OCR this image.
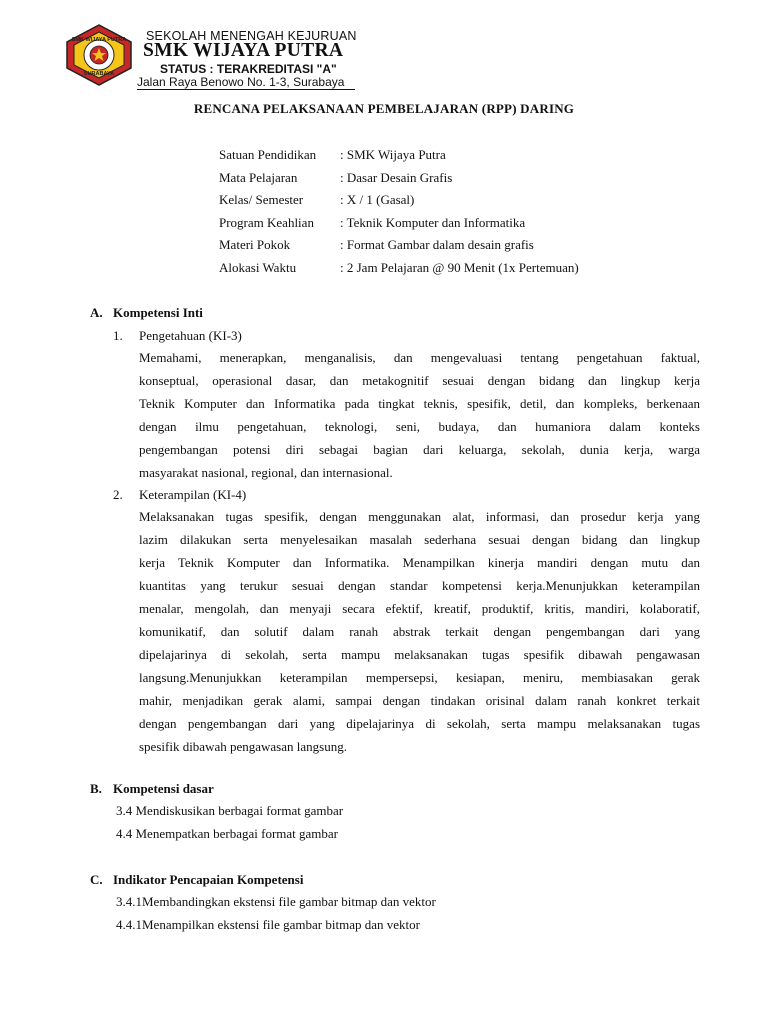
SMK WIJAYA PUTRA
SURABAYA
SEKOLAH MENENGAH KEJURUAN
SMK WIJAYA PUTRA
STATUS : TERAKREDITASI "A"
Jalan Raya Benowo No. 1-3, Surabaya
RENCANA PELAKSANAAN PEMBELAJARAN (RPP) DARING
Satuan Pendidikan : SMK Wijaya Putra
Mata Pelajaran	: Dasar Desain Grafis
Kelas/ Semester	: X / 1 (Gasal)
Program Keahlian : Teknik Komputer dan Informatika
Materi Pokok	: Format Gambar dalam desain grafis
Alokasi Waktu	: 2 Jam Pelajaran @ 90 Menit (1x Pertemuan)
A. Kompetensi Inti
1. Pengetahuan (KI-3)
Memahami, menerapkan, menganalisis, dan mengevaluasi tentang pengetahuan faktual,
konseptual, operasional dasar, dan metakognitif sesuai dengan bidang dan lingkup kerja
Teknik Komputer dan Informatika pada tingkat teknis, spesifik, detil, dan kompleks, berkenaan
dengan ilmu pengetahuan, teknologi, seni, budaya, dan humaniora dalam konteks
pengembangan potensi diri sebagai bagian dari keluarga, sekolah, dunia kerja, warga
masyarakat nasional, regional, dan internasional.
2. Keterampilan (KI-4)
Melaksanakan tugas spesifik, dengan menggunakan alat, informasi, dan prosedur kerja yang
lazim dilakukan serta menyelesaikan masalah sederhana sesuai dengan bidang dan lingkup
kerja Teknik Komputer dan Informatika. Menampilkan kinerja mandiri dengan mutu dan
kuantitas yang terukur sesuai dengan standar kompetensi kerja.Menunjukkan keterampilan
menalar, mengolah, dan menyaji secara efektif, kreatif, produktif, kritis, mandiri, kolaboratif,
komunikatif, dan solutif dalam ranah abstrak terkait dengan pengembangan dari yang
dipelajarinya di sekolah, serta mampu melaksanakan tugas spesifik dibawah pengawasan
langsung.Menunjukkan keterampilan mempersepsi, kesiapan, meniru, membiasakan gerak
mahir, menjadikan gerak alami, sampai dengan tindakan orisinal dalam ranah konkret terkait
dengan pengembangan dari yang dipelajarinya di sekolah, serta mampu melaksanakan tugas
spesifik dibawah pengawasan langsung.
B. Kompetensi dasar
3.4 Mendiskusikan berbagai format gambar
4.4 Menempatkan berbagai format gambar
C. Indikator Pencapaian Kompetensi
3.4.1Membandingkan ekstensi file gambar bitmap dan vektor
4.4.1Menampilkan ekstensi file gambar bitmap dan vektor
